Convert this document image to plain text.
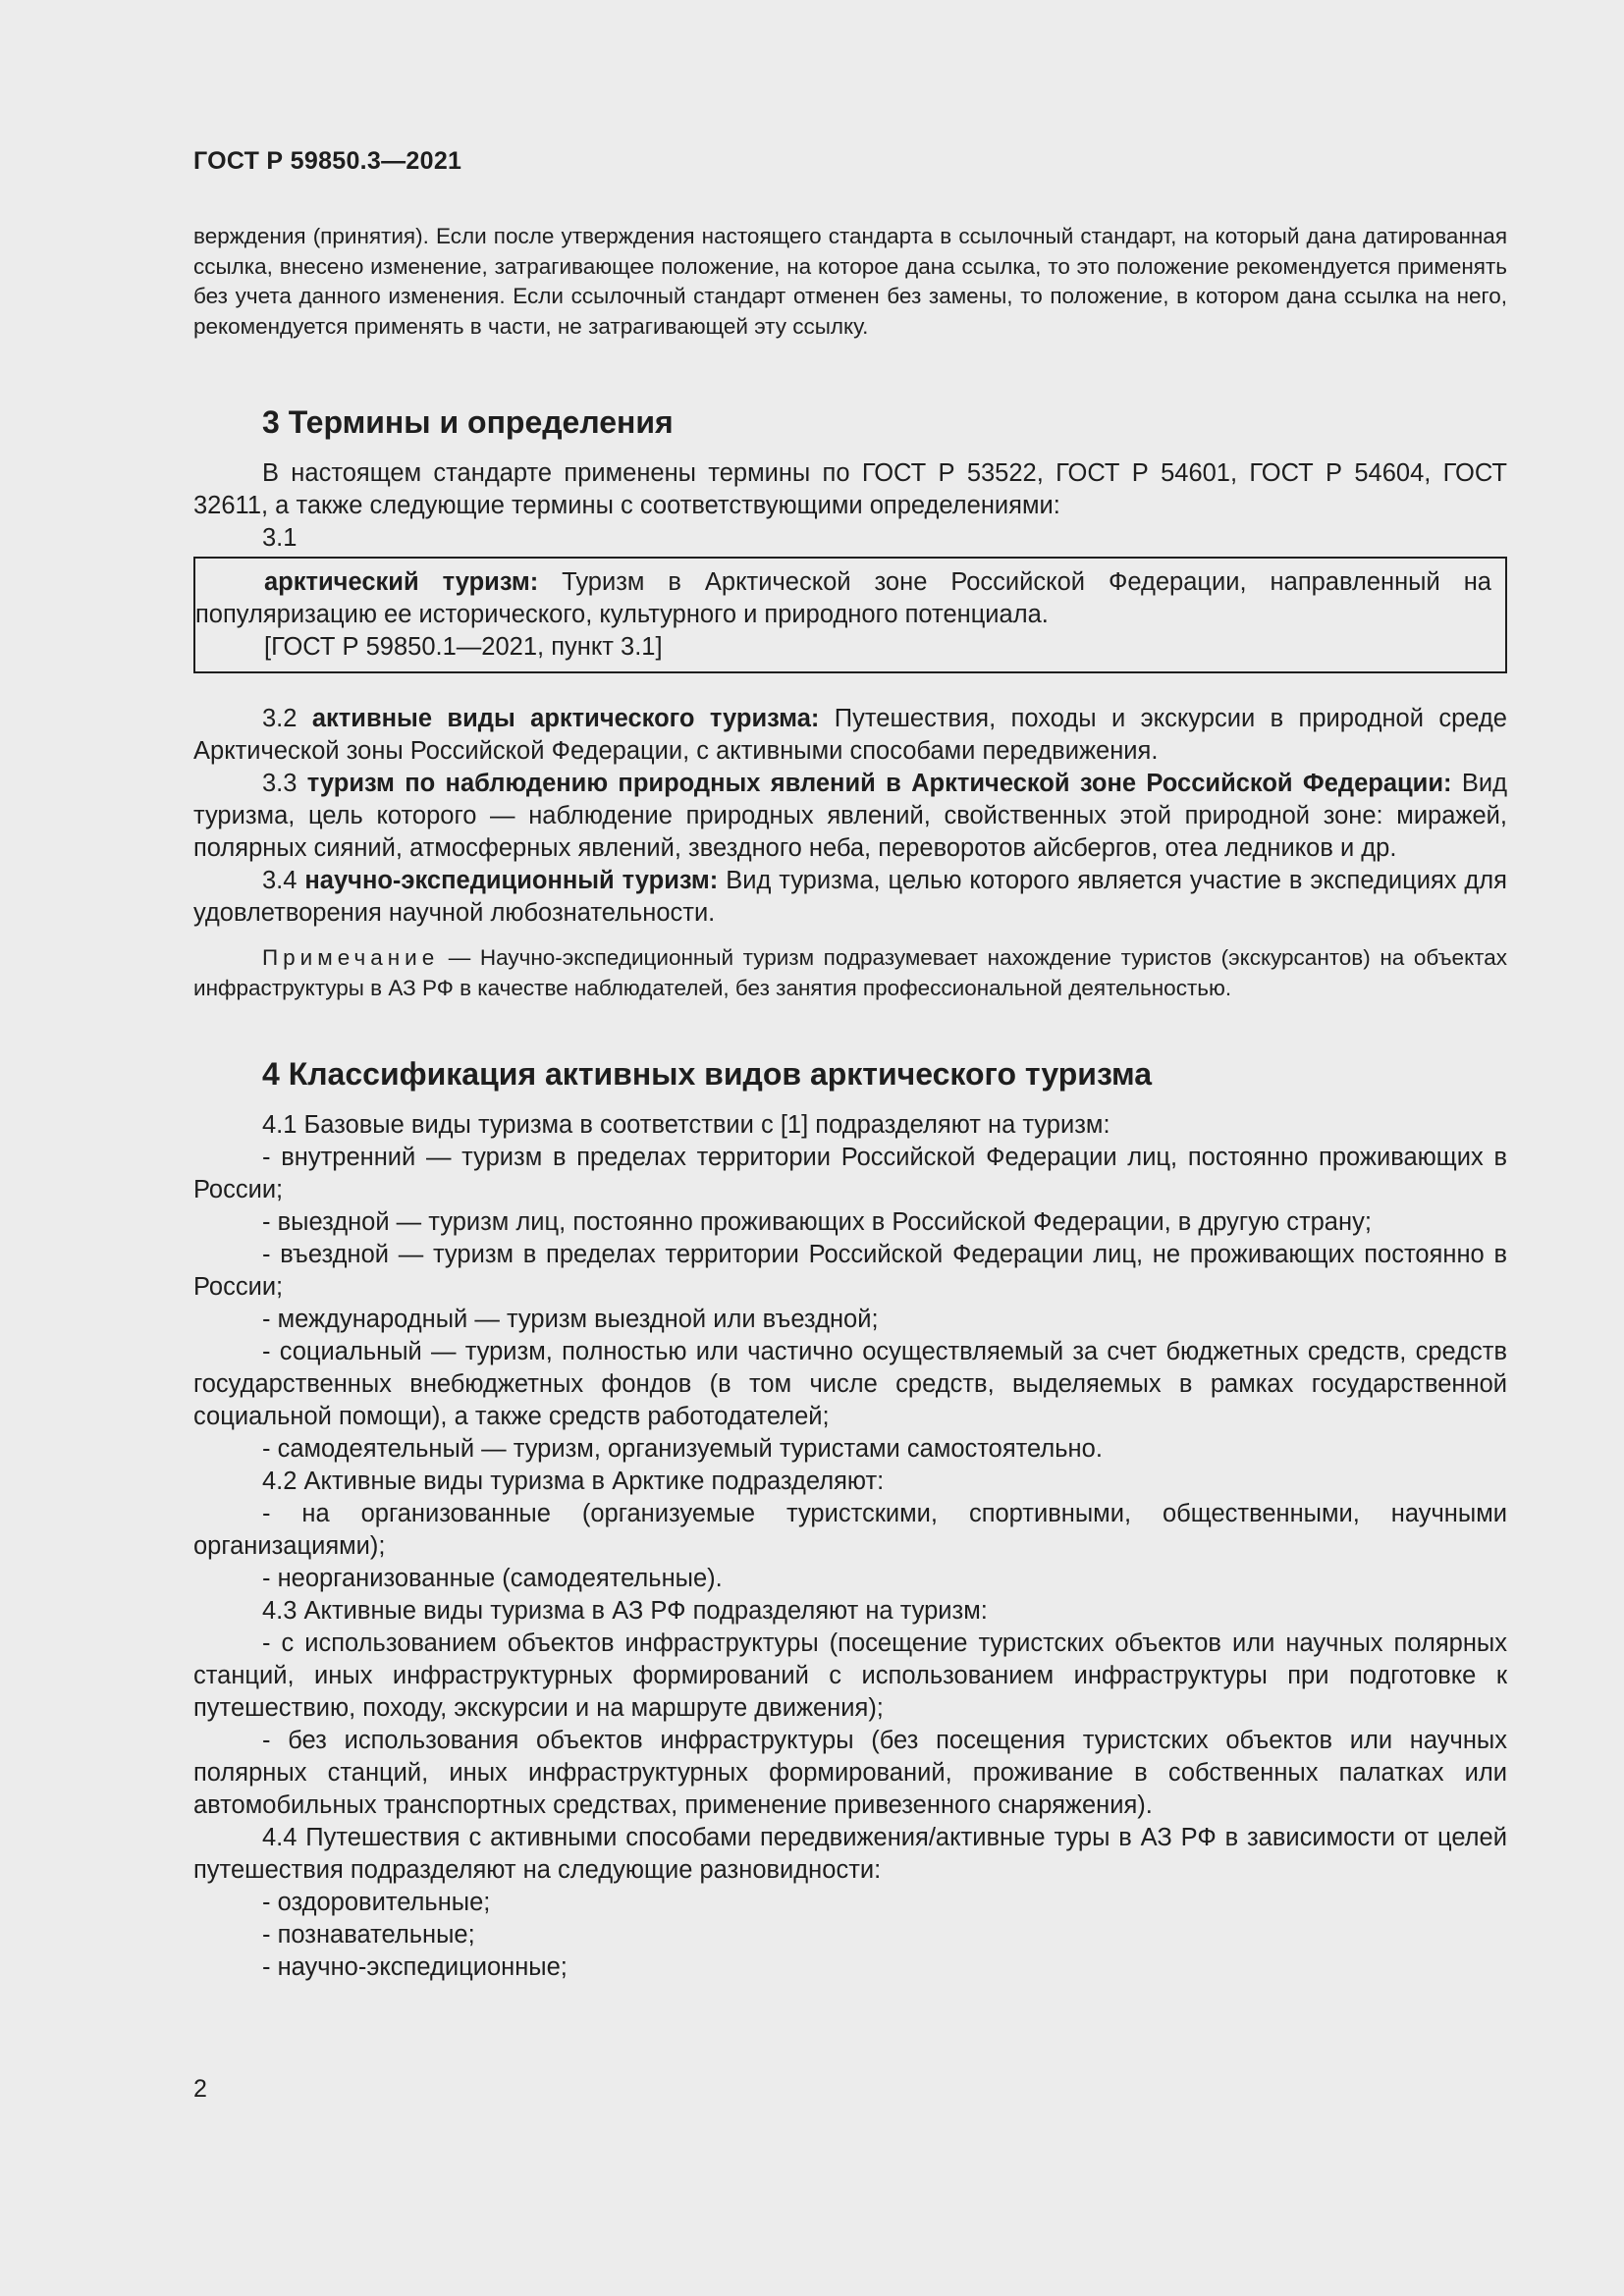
ГОСТ Р 59850.3—2021

верждения (принятия). Если после утверждения настоящего стандарта в ссылочный стандарт, на который дана датированная ссылка, внесено изменение, затрагивающее положение, на которое дана ссылка, то это положение рекомендуется применять без учета данного изменения. Если ссылочный стандарт отменен без замены, то положение, в котором дана ссылка на него, рекомендуется применять в части, не затрагивающей эту ссылку.

3 Термины и определения

В настоящем стандарте применены термины по ГОСТ Р 53522, ГОСТ Р 54601, ГОСТ Р 54604, ГОСТ 32611, а также следующие термины с соответствующими определениями:

3.1

арктический туризм: Туризм в Арктической зоне Российской Федерации, направленный на популяризацию ее исторического, культурного и природного потенциала.

[ГОСТ Р 59850.1—2021, пункт 3.1]

3.2 активные виды арктического туризма: Путешествия, походы и экскурсии в природной среде Арктической зоны Российской Федерации, с активными способами передвижения.

3.3 туризм по наблюдению природных явлений в Арктической зоне Российской Федерации: Вид туризма, цель которого — наблюдение природных явлений, свойственных этой природной зоне: миражей, полярных сияний, атмосферных явлений, звездного неба, переворотов айсбергов, отеа ледников и др.

3.4 научно-экспедиционный туризм: Вид туризма, целью которого является участие в экспедициях для удовлетворения научной любознательности.

Примечание — Научно-экспедиционный туризм подразумевает нахождение туристов (экскурсантов) на объектах инфраструктуры в АЗ РФ в качестве наблюдателей, без занятия профессиональной деятельностью.

4 Классификация активных видов арктического туризма

4.1 Базовые виды туризма в соответствии с [1] подразделяют на туризм:

- внутренний — туризм в пределах территории Российской Федерации лиц, постоянно проживающих в России;

- выездной — туризм лиц, постоянно проживающих в Российской Федерации, в другую страну;

- въездной — туризм в пределах территории Российской Федерации лиц, не проживающих постоянно в России;

- международный — туризм выездной или въездной;

- социальный — туризм, полностью или частично осуществляемый за счет бюджетных средств, средств государственных внебюджетных фондов (в том числе средств, выделяемых в рамках государственной социальной помощи), а также средств работодателей;

- самодеятельный — туризм, организуемый туристами самостоятельно.

4.2 Активные виды туризма в Арктике подразделяют:

- на организованные (организуемые туристскими, спортивными, общественными, научными организациями);

- неорганизованные (самодеятельные).

4.3 Активные виды туризма в АЗ РФ подразделяют на туризм:

- с использованием объектов инфраструктуры (посещение туристских объектов или научных полярных станций, иных инфраструктурных формирований с использованием инфраструктуры при подготовке к путешествию, походу, экскурсии и на маршруте движения);

- без использования объектов инфраструктуры (без посещения туристских объектов или научных полярных станций, иных инфраструктурных формирований, проживание в собственных палатках или автомобильных транспортных средствах, применение привезенного снаряжения).

4.4 Путешествия с активными способами передвижения/активные туры в АЗ РФ в зависимости от целей путешествия подразделяют на следующие разновидности:

- оздоровительные;

- познавательные;

- научно-экспедиционные;

2
